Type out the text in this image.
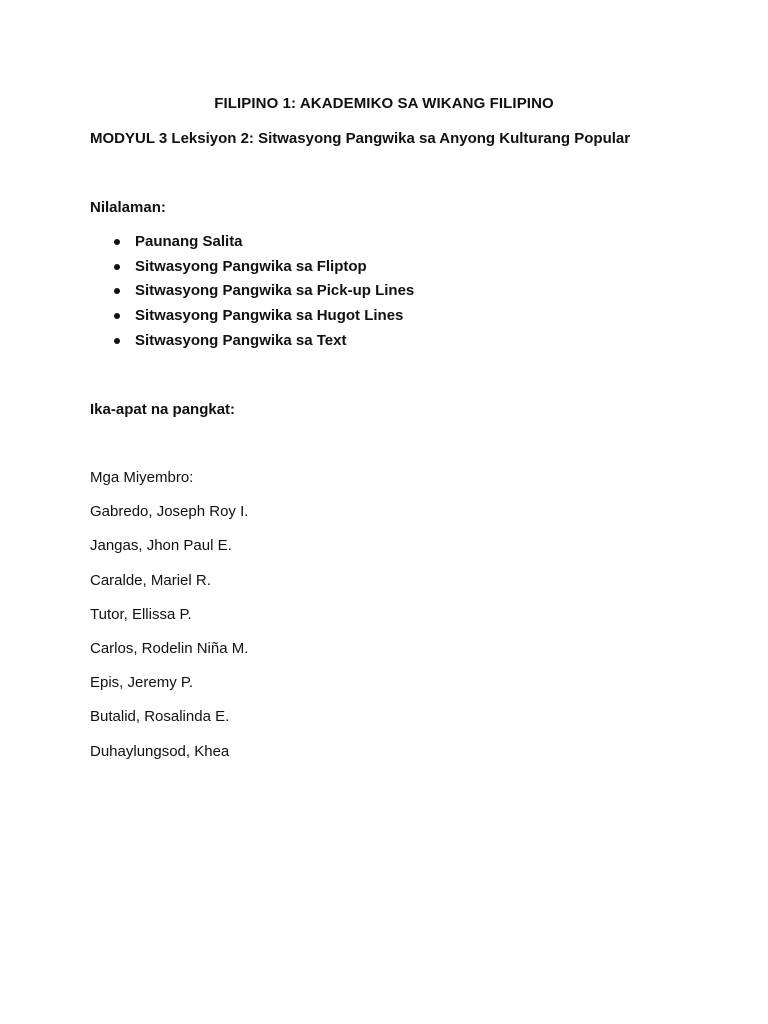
FILIPINO 1: AKADEMIKO SA WIKANG FILIPINO
MODYUL 3 Leksiyon 2: Sitwasyong Pangwika sa Anyong Kulturang Popular
Nilalaman:
Paunang Salita
Sitwasyong Pangwika sa Fliptop
Sitwasyong Pangwika sa Pick-up Lines
Sitwasyong Pangwika sa Hugot Lines
Sitwasyong Pangwika sa Text
Ika-apat na pangkat:
Mga Miyembro:
Gabredo, Joseph Roy I.
Jangas, Jhon Paul E.
Caralde, Mariel R.
Tutor, Ellissa P.
Carlos, Rodelin Niña M.
Epis, Jeremy P.
Butalid, Rosalinda E.
Duhaylungsod, Khea
